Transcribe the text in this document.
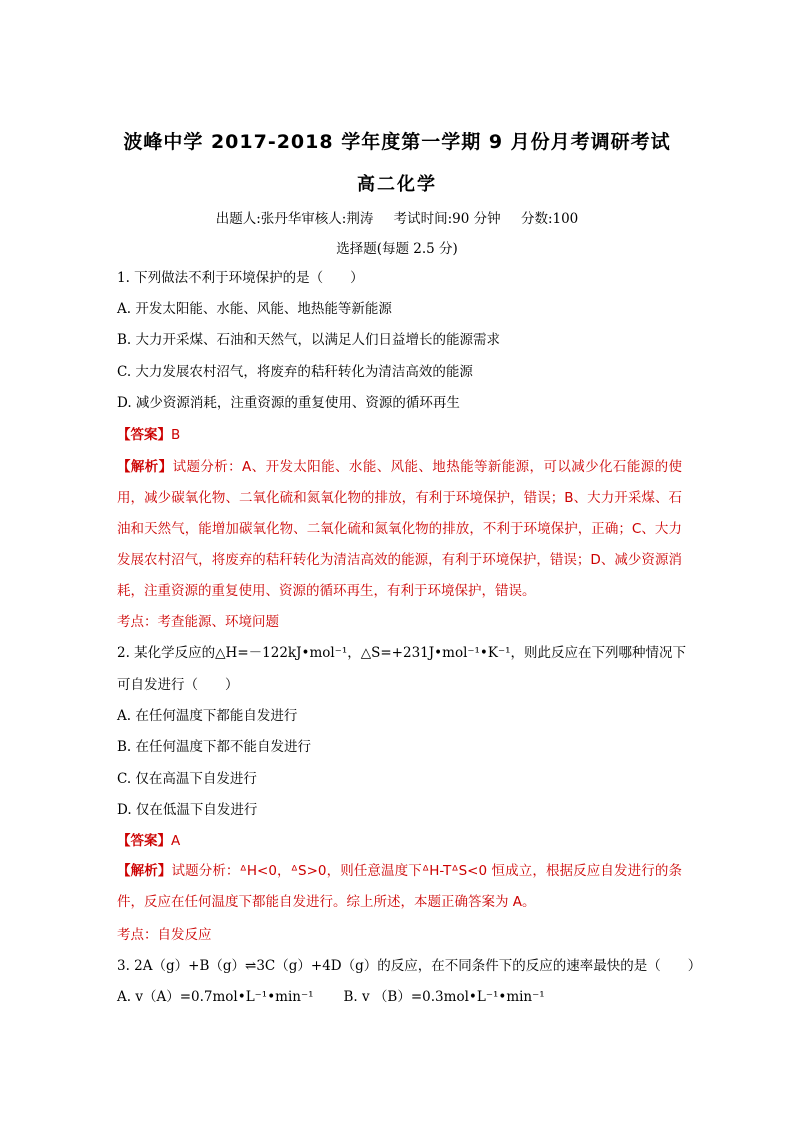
波峰中学 2017-2018 学年度第一学期 9 月份月考调研考试
高二化学
出题人:张丹华审核人:荆涛 考试时间:90 分钟 分数:100
选择题(每题 2.5 分)
1. 下列做法不利于环境保护的是（　　）
A. 开发太阳能、水能、风能、地热能等新能源
B. 大力开采煤、石油和天然气，以满足人们日益增长的能源需求
C. 大力发展农村沼气，将废弃的秸秆转化为清洁高效的能源
D. 减少资源消耗，注重资源的重复使用、资源的循环再生
【答案】B
【解析】试题分析：A、开发太阳能、水能、风能、地热能等新能源，可以减少化石能源的使用，减少碳氧化物、二氧化硫和氮氧化物的排放，有利于环境保护，错误；B、大力开采煤、石油和天然气，能增加碳氧化物、二氧化硫和氮氧化物的排放，不利于环境保护，正确；C、大力发展农村沼气，将废弃的秸秆转化为清洁高效的能源，有利于环境保护，错误；D、减少资源消耗，注重资源的重复使用、资源的循环再生，有利于环境保护，错误。
考点：考查能源、环境问题
2. 某化学反应的△H=－122kJ•mol⁻¹，△S=+231J•mol⁻¹•K⁻¹，则此反应在下列哪种情况下
可自发进行（　　）
A. 在任何温度下都能自发进行
B. 在任何温度下都不能自发进行
C. 仅在高温下自发进行
D. 仅在低温下自发进行
【答案】A
【解析】试题分析：ᐞH<0，ᐞS>0，则任意温度下ᐞH-TᐞS<0 恒成立，根据反应自发进行的条件，反应在任何温度下都能自发进行。综上所述，本题正确答案为 A。
考点：自发反应
3. 2A（g）+B（g）⇌3C（g）+4D（g）的反应，在不同条件下的反应的速率最快的是（　　）
A. v（A）=0.7mol•L⁻¹•min⁻¹ B. v （B）=0.3mol•L⁻¹•min⁻¹
